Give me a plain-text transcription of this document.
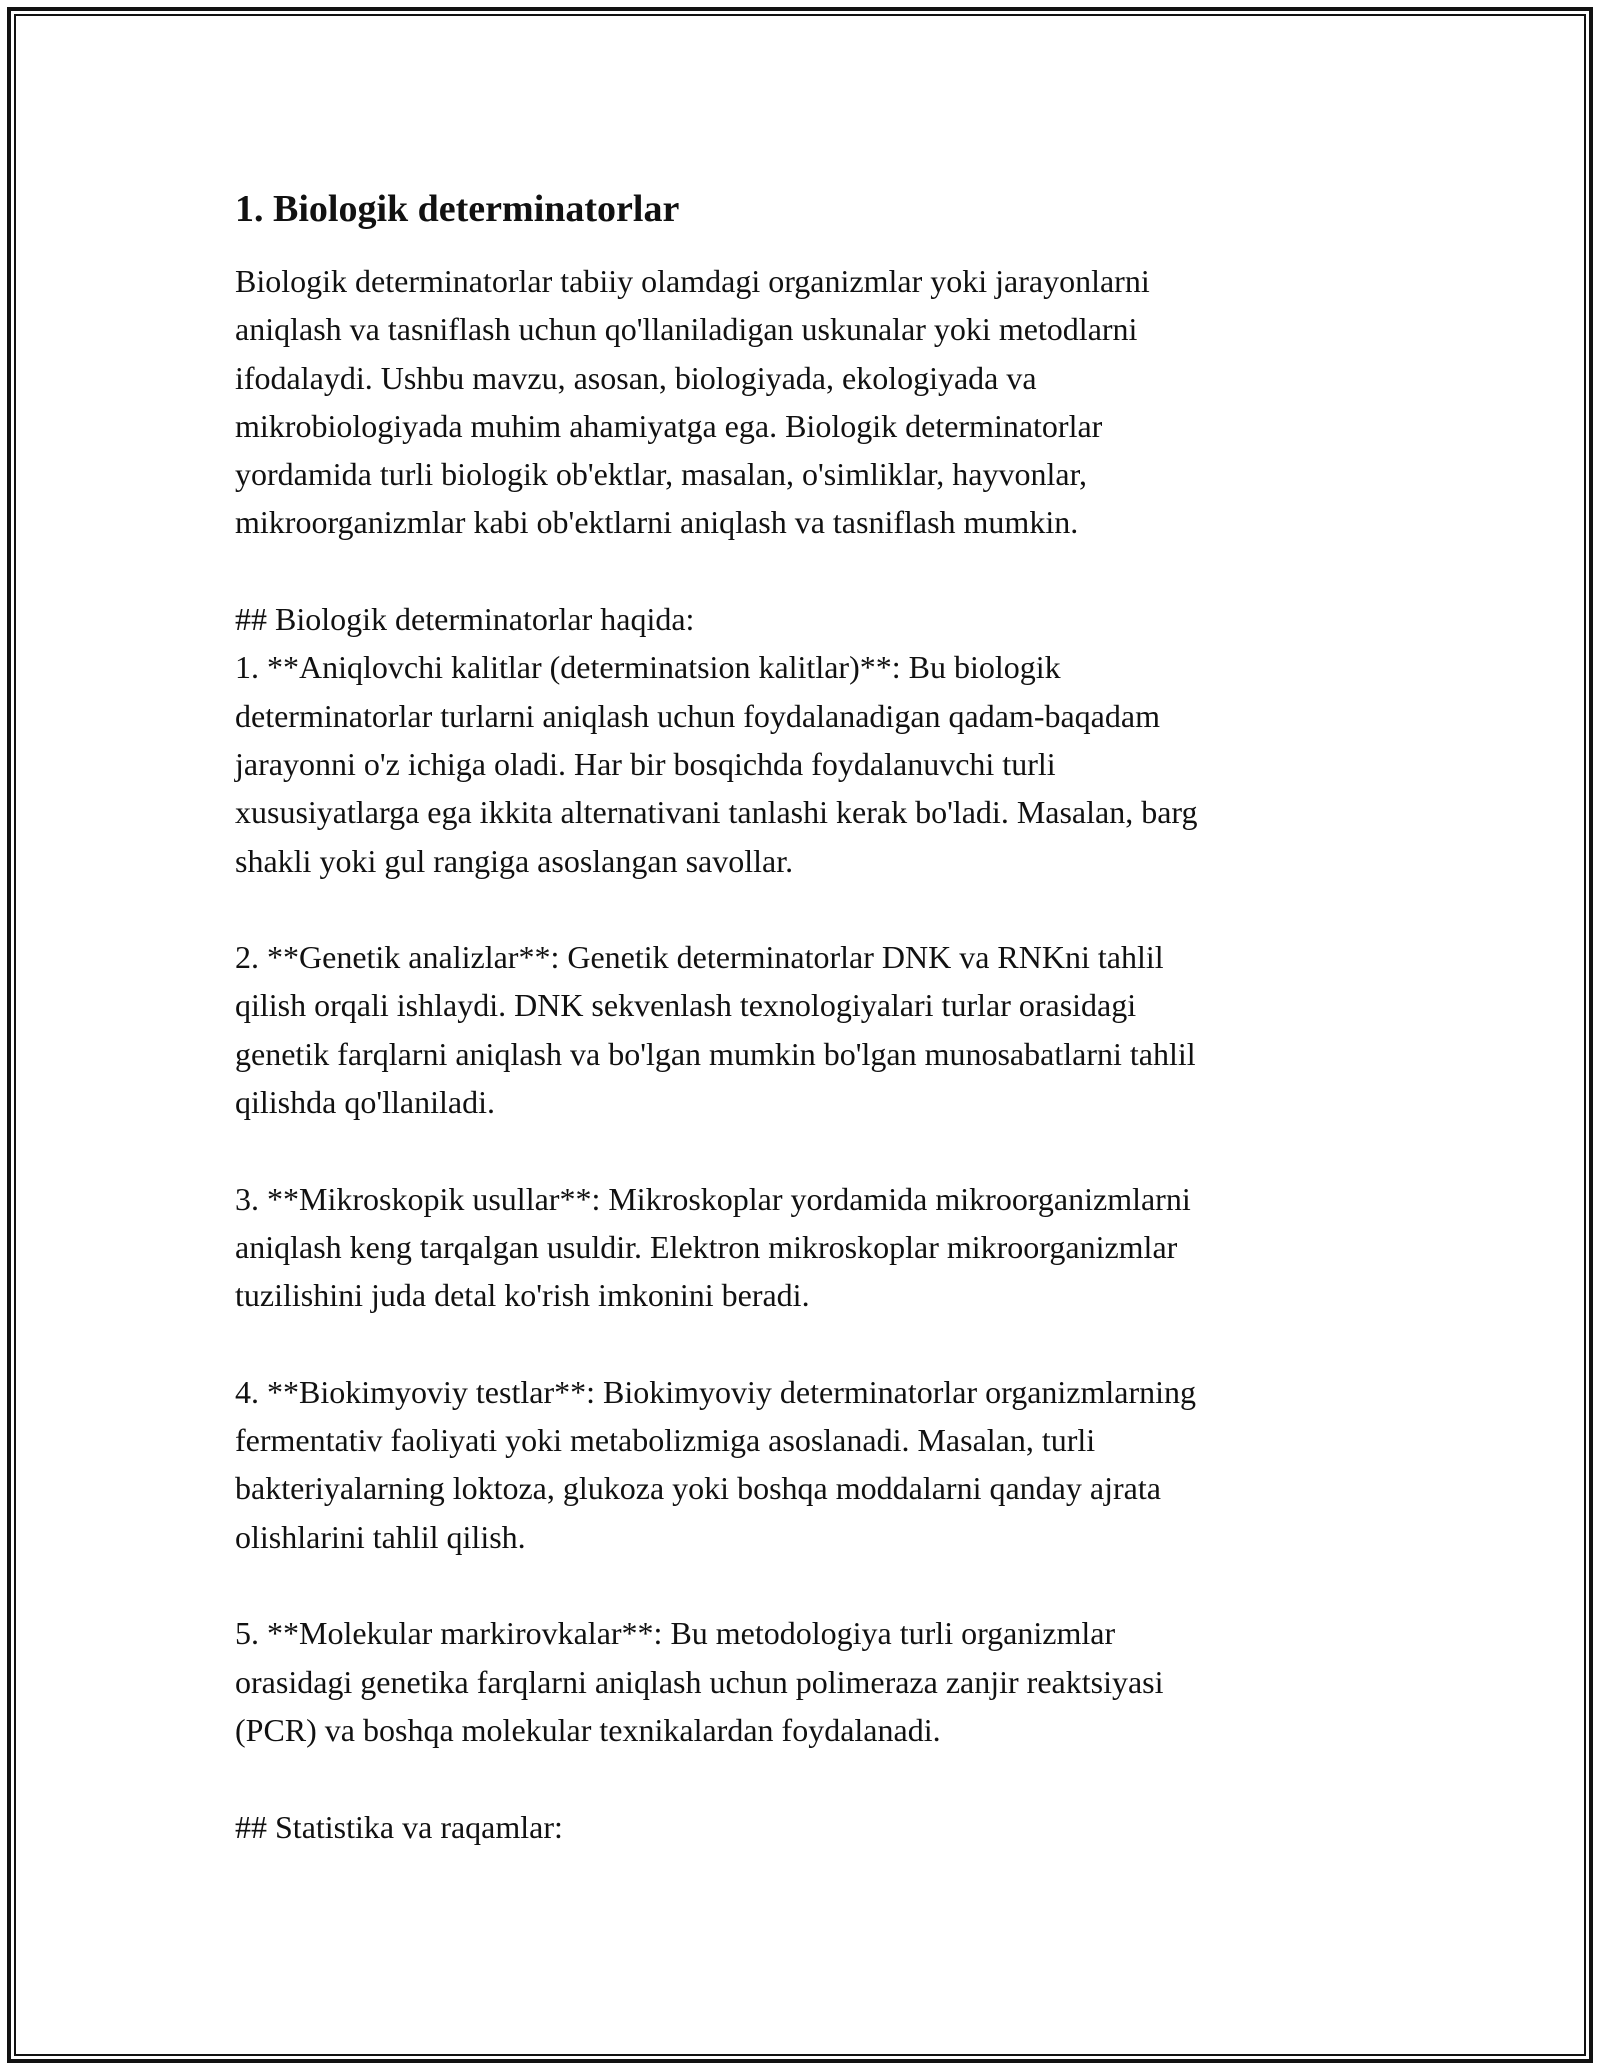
1. Biologik determinatorlar

Biologik determinatorlar tabiiy olamdagi organizmlar yoki jarayonlarni
aniqlash va tasniflash uchun qo'llaniladigan uskunalar yoki metodlarni
ifodalaydi. Ushbu mavzu, asosan, biologiyada, ekologiyada va
mikrobiologiyada muhim ahamiyatga ega. Biologik determinatorlar
yordamida turli biologik ob'ektlar, masalan, o'simliklar, hayvonlar,
mikroorganizmlar kabi ob'ektlarni aniqlash va tasniflash mumkin.

## Biologik determinatorlar haqida:

1. **Aniqlovchi kalitlar (determinatsion kalitlar)**: Bu biologik
determinatorlar turlarni aniqlash uchun foydalanadigan qadam-baqadam
jarayonni o'z ichiga oladi. Har bir bosqichda foydalanuvchi turli
xususiyatlarga ega ikkita alternativani tanlashi kerak bo'ladi. Masalan, barg
shakli yoki gul rangiga asoslangan savollar.

2. **Genetik analizlar**: Genetik determinatorlar DNK va RNKni tahlil
qilish orqali ishlaydi. DNK sekvenlash texnologiyalari turlar orasidagi
genetik farqlarni aniqlash va bo'lgan mumkin bo'lgan munosabatlarni tahlil
qilishda qo'llaniladi.

3. **Mikroskopik usullar**: Mikroskoplar yordamida mikroorganizmlarni
aniqlash keng tarqalgan usuldir. Elektron mikroskoplar mikroorganizmlar
tuzilishini juda detal ko'rish imkonini beradi.

4. **Biokimyoviy testlar**: Biokimyoviy determinatorlar organizmlarning
fermentativ faoliyati yoki metabolizmiga asoslanadi. Masalan, turli
bakteriyalarning loktoza, glukoza yoki boshqa moddalarni qanday ajrata
olishlarini tahlil qilish.

5. **Molekular markirovkalar**: Bu metodologiya turli organizmlar
orasidagi genetika farqlarni aniqlash uchun polimeraza zanjir reaktsiyasi
(PCR) va boshqa molekular texnikalardan foydalanadi.

## Statistika va raqamlar:
